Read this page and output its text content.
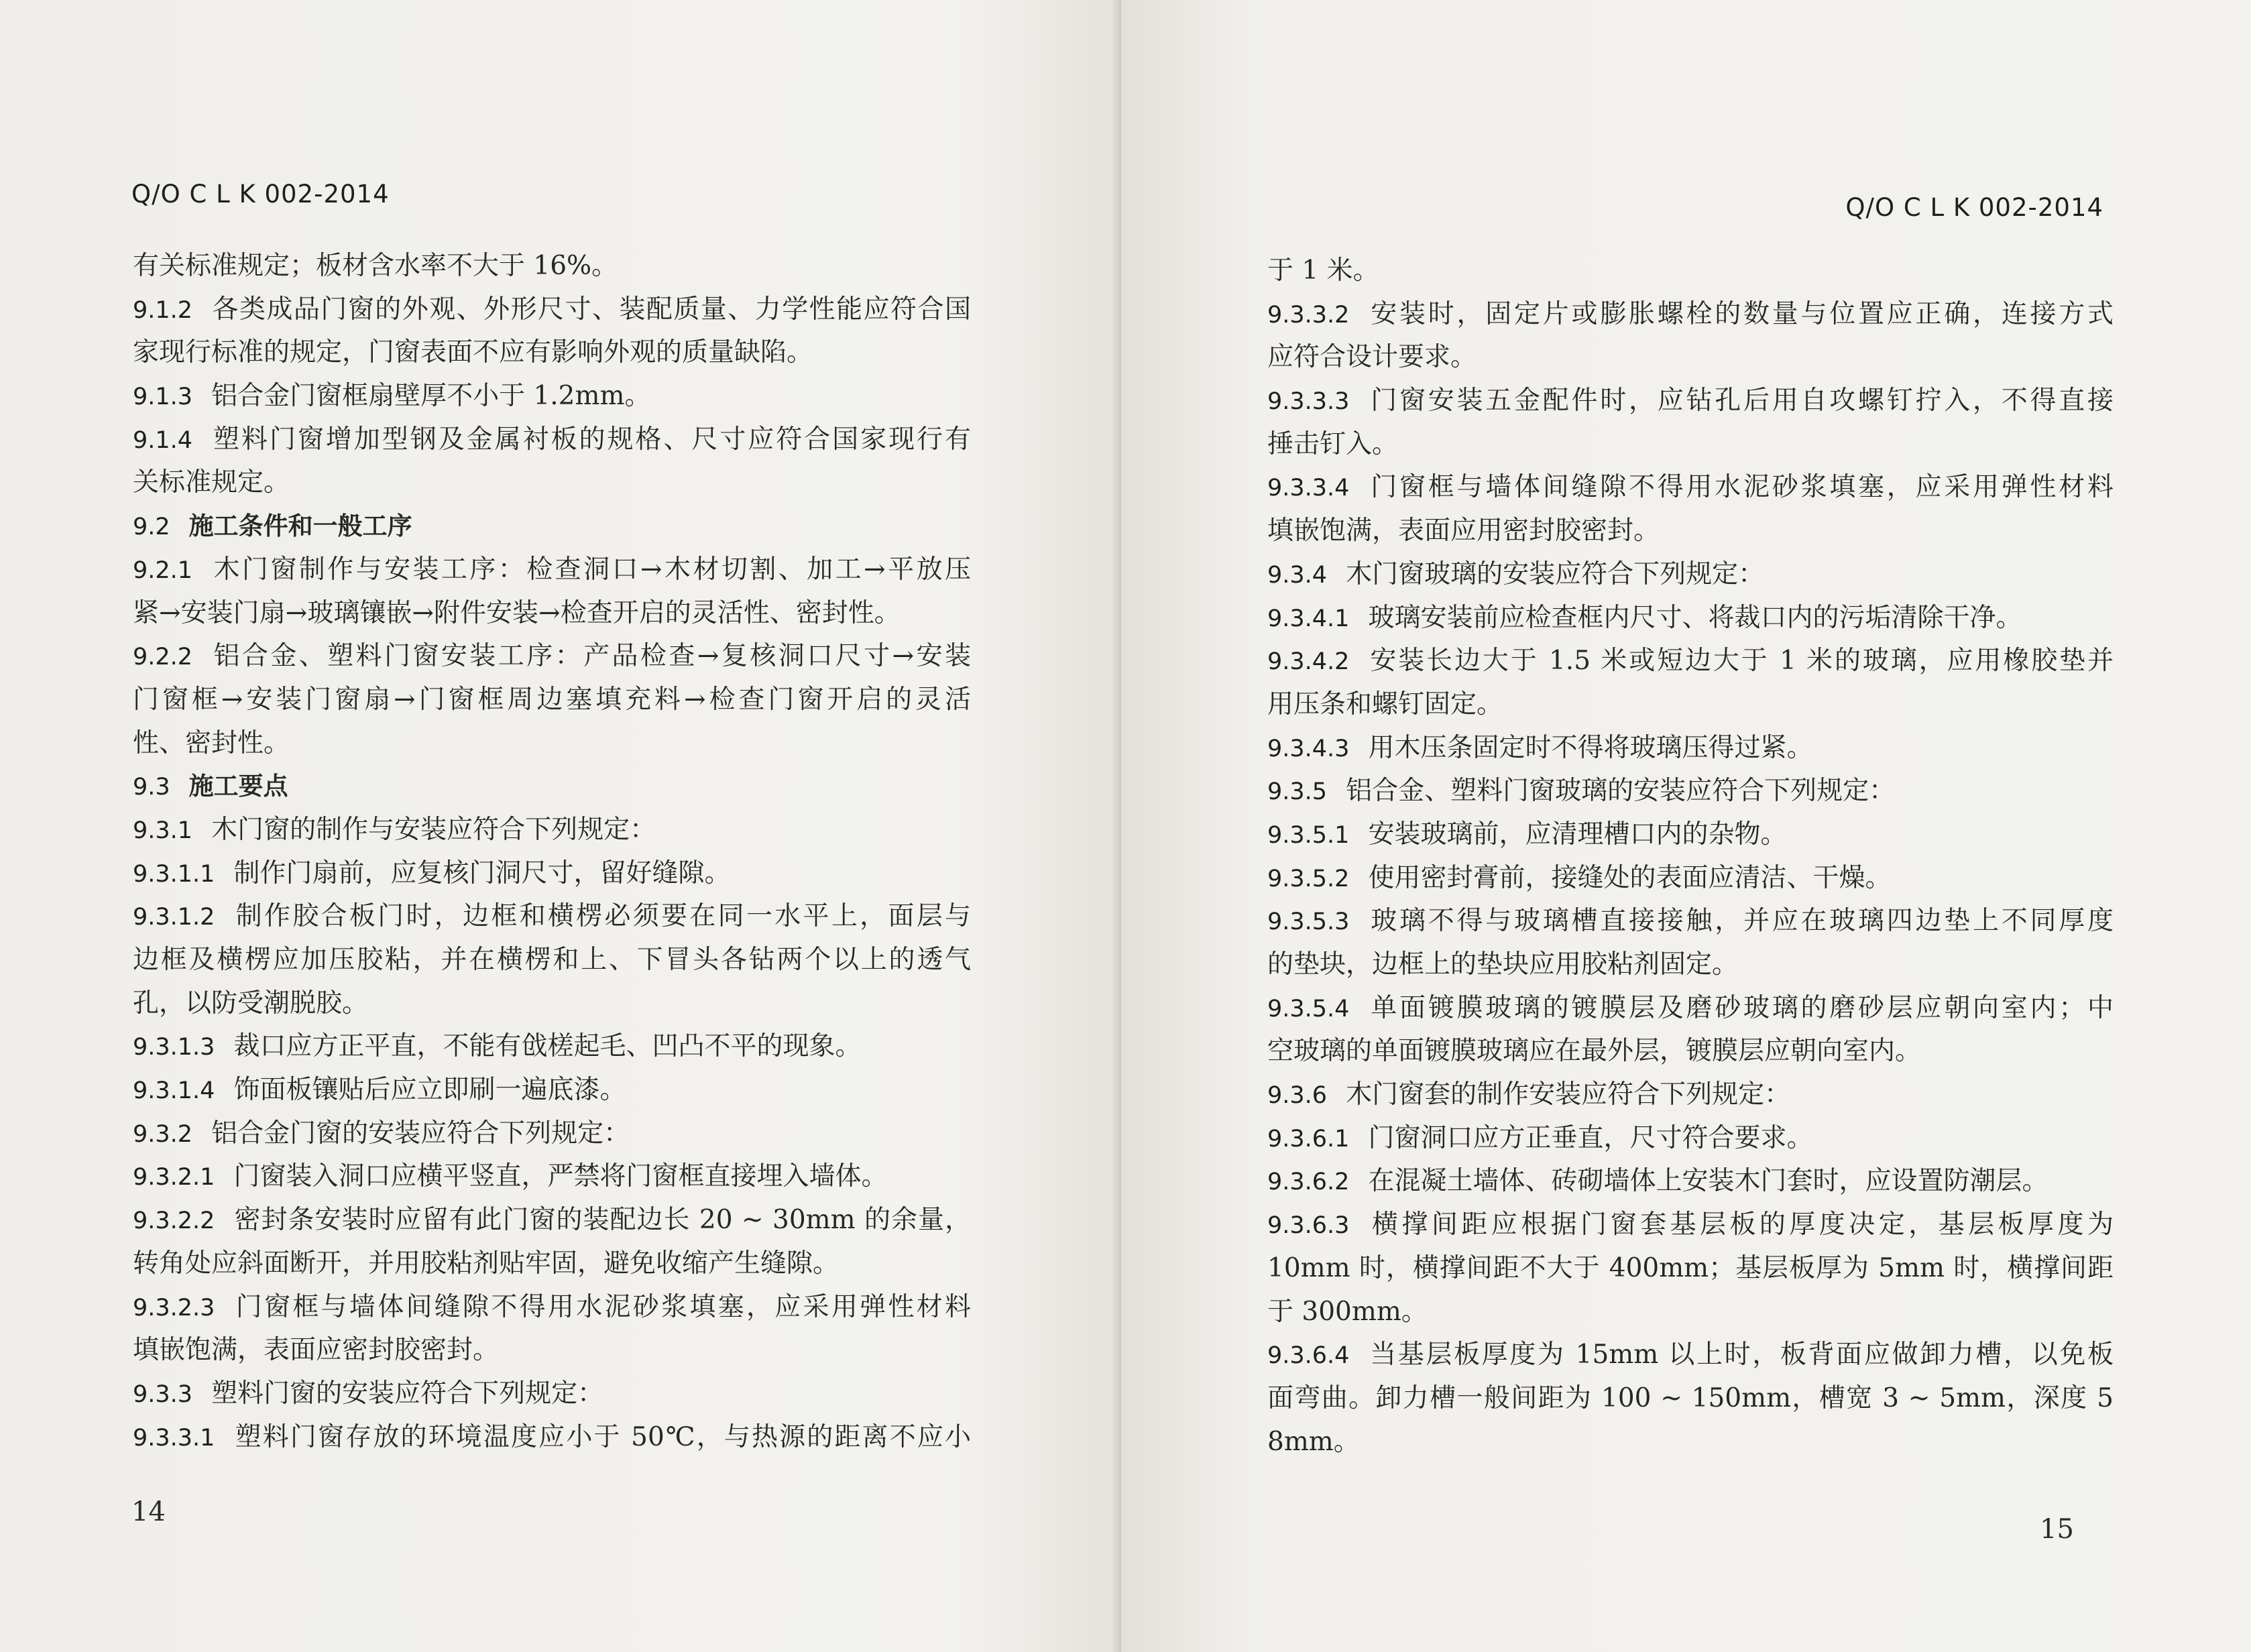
Q/O C L K 002-2014
有关标准规定；板材含水率不大于 16%。
9.1.2 各类成品门窗的外观、外形尺寸、装配质量、力学性能应符合国
家现行标准的规定，门窗表面不应有影响外观的质量缺陷。
9.1.3 铝合金门窗框扇壁厚不小于 1.2mm。
9.1.4 塑料门窗增加型钢及金属衬板的规格、尺寸应符合国家现行有
关标准规定。
9.2 施工条件和一般工序
9.2.1 木门窗制作与安装工序：检查洞口→木材切割、加工→平放压
紧→安装门扇→玻璃镶嵌→附件安装→检查开启的灵活性、密封性。
9.2.2 铝合金、塑料门窗安装工序：产品检查→复核洞口尺寸→安装
门窗框→安装门窗扇→门窗框周边塞填充料→检查门窗开启的灵活
性、密封性。
9.3 施工要点
9.3.1 木门窗的制作与安装应符合下列规定：
9.3.1.1 制作门扇前，应复核门洞尺寸，留好缝隙。
9.3.1.2 制作胶合板门时，边框和横楞必须要在同一水平上，面层与
边框及横楞应加压胶粘，并在横楞和上、下冒头各钻两个以上的透气
孔，以防受潮脱胶。
9.3.1.3 裁口应方正平直，不能有戗槎起毛、凹凸不平的现象。
9.3.1.4 饰面板镶贴后应立即刷一遍底漆。
9.3.2 铝合金门窗的安装应符合下列规定：
9.3.2.1 门窗装入洞口应横平竖直，严禁将门窗框直接埋入墙体。
9.3.2.2 密封条安装时应留有此门窗的装配边长 20 ~ 30mm 的余量，
转角处应斜面断开，并用胶粘剂贴牢固，避免收缩产生缝隙。
9.3.2.3 门窗框与墙体间缝隙不得用水泥砂浆填塞，应采用弹性材料
填嵌饱满，表面应密封胶密封。
9.3.3 塑料门窗的安装应符合下列规定：
9.3.3.1 塑料门窗存放的环境温度应小于 50℃，与热源的距离不应小
14
Q/O C L K 002-2014
于 1 米。
9.3.3.2 安装时，固定片或膨胀螺栓的数量与位置应正确，连接方式
应符合设计要求。
9.3.3.3 门窗安装五金配件时，应钻孔后用自攻螺钉拧入，不得直接
捶击钉入。
9.3.3.4 门窗框与墙体间缝隙不得用水泥砂浆填塞，应采用弹性材料
填嵌饱满，表面应用密封胶密封。
9.3.4 木门窗玻璃的安装应符合下列规定：
9.3.4.1 玻璃安装前应检查框内尺寸、将裁口内的污垢清除干净。
9.3.4.2 安装长边大于 1.5 米或短边大于 1 米的玻璃，应用橡胶垫并
用压条和螺钉固定。
9.3.4.3 用木压条固定时不得将玻璃压得过紧。
9.3.5 铝合金、塑料门窗玻璃的安装应符合下列规定：
9.3.5.1 安装玻璃前，应清理槽口内的杂物。
9.3.5.2 使用密封膏前，接缝处的表面应清洁、干燥。
9.3.5.3 玻璃不得与玻璃槽直接接触，并应在玻璃四边垫上不同厚度
的垫块，边框上的垫块应用胶粘剂固定。
9.3.5.4 单面镀膜玻璃的镀膜层及磨砂玻璃的磨砂层应朝向室内；中
空玻璃的单面镀膜玻璃应在最外层，镀膜层应朝向室内。
9.3.6 木门窗套的制作安装应符合下列规定：
9.3.6.1 门窗洞口应方正垂直，尺寸符合要求。
9.3.6.2 在混凝土墙体、砖砌墙体上安装木门套时，应设置防潮层。
9.3.6.3 横撑间距应根据门窗套基层板的厚度决定，基层板厚度为
10mm 时，横撑间距不大于 400mm；基层板厚为 5mm 时，横撑间距
于 300mm。
9.3.6.4 当基层板厚度为 15mm 以上时，板背面应做卸力槽，以免板
面弯曲。卸力槽一般间距为 100 ~ 150mm，槽宽 3 ~ 5mm，深度 5
8mm。
15
